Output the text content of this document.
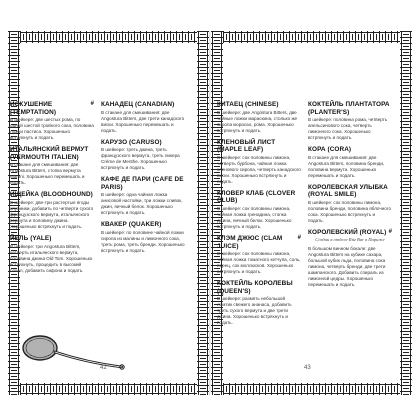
ИСКУШЕНИЕ (TEMPTATION)
#
В шейкере: две шестых рома, по одной шестой тройного сока, половина ложки пастиса. Хорошенько встряхнуть и подать.
ИТАЛЬЯНСКИЙ ВЕРМУТ (VERMOUTH ITALIEN)
В стакане для смешивания: две Angostura Bitters, стопка вермута Martini. Хорошенько перемешать и подать.
ИЩЕЙКА (BLOODHOUND)
В шейкере: две-три растертые ягоды клубники, добавить по четверти сухого французского вермута, итальянского вермута и половину джина. Хорошенько встряхнуть и подать.
ЙЕЛЬ (YALE)
В шейкере: три Angostura Bitters, четверть итальянского вермута, половина джина Old Tom. Хорошенько встряхнуть, процедить в высокий бокал, добавить сифона и подать.
КАНАДЕЦ (CANADIAN)
В стакане для смешивания: две Angostura Bitters, две трети канадского виски. Хорошенько перемешать и подать.
КАРУЗО (CARUSO)
В шейкере: треть джина, треть французского вермута, треть ликера Crème de Menthe. Хорошенько встряхнуть и подать.
КАФЕ ДЕ ПАРИ (CAFE DE PARIS)
В шейкере: одна чайная ложка анисовой настойки, три ложки сливок, джин, яичный белок. Хорошенько встряхнуть и подать.
КВАКЕР (QUAKER)
В шейкере: по половине чайной ложки сиропа из малины и лимонного сока, треть рома, треть бренди. Хорошенько встряхнуть и подать.
42
КИТАЕЦ (CHINESE)
В шейкере: две Angostura Bitters, две чайные ложки мараскина, столько же сиропа кюрасао, рома. Хорошенько встряхнуть и подать.
КЛЕНОВЫЙ ЛИСТ (MAPLE LEAF)
В шейкере: сок половины лимона, четверть бурбона, чайная ложка кленового сиропа, четверть канадского виски. Хорошенько встряхнуть и подать.
КЛОВЕР КЛАБ (CLOVER CLUB)
В шейкере: сок половины лимона, чайная ложка гренадина, стопка джина, яичный белок. Хорошенько встряхнуть и подать.
КЛЭМ ДЖЮС (CLAM JUICE)
#
В шейкере: сок половины лимона, чайная ложка томатного кетчупа, соль, перец, сок моллюсков. Хорошенько встряхнуть и подать.
КОКТЕЙЛЬ КОРОЛЕВЫ (QUEEN'S)
В шейкере: размять небольшой ломтик свежего ананаса, добавить треть сухого вермута и две трети джина. Хорошенько встряхнуть и подать.
КОКТЕЙЛЬ ПЛАНТАТОРА (PLANTER'S)
В шейкере: половина рома, четверть апельсинового сока, четверть лимонного сока. Хорошенько встряхнуть и подать.
КОРА (CORA)
В стакане для смешивания: две Angostura Bitters, половина бренди, половина вермута. Хорошенько перемешать и подать.
КОРОЛЕВСКАЯ УЛЫБКА (ROYAL SMILE)
В шейкере: сок половины лимона, половина бренди, половина яблочного сока. Хорошенько встряхнуть и подать.
КОРОЛЕВСКИЙ (ROYAL) #
Создан в отделе Ritz Bar в Париже
В большом винном бокале: две Angostura Bitters на кубике сахара, большой кубик льда, половина сока лимона, четверть бренди, две трети шампанского. Добавить спираль из лимонной цедры. Хорошенько перемешать и подать.
43
